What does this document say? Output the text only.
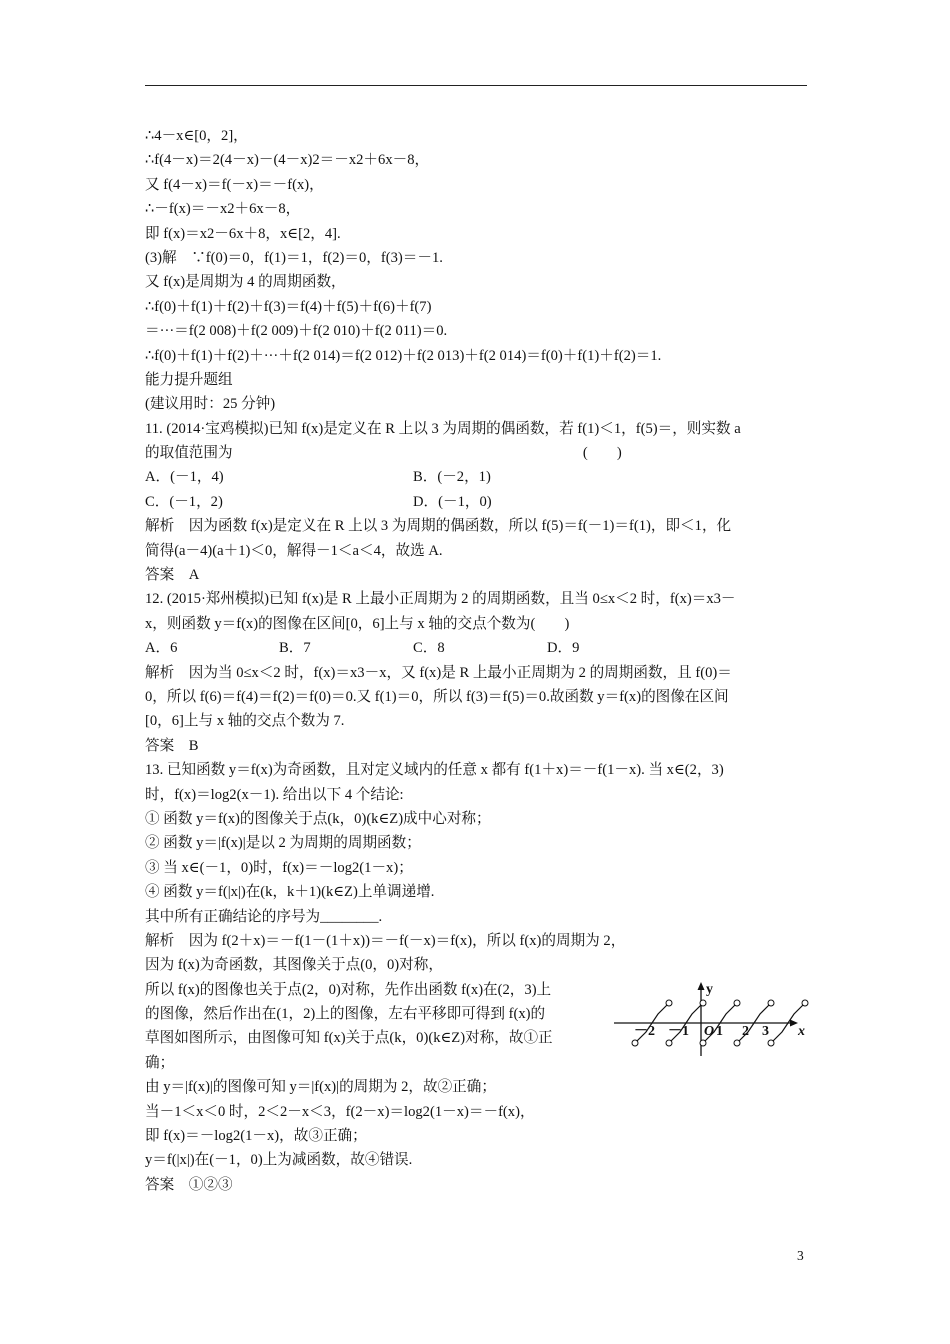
∴4－x∈[0，2]，
∴f(4－x)＝2(4－x)－(4－x)2＝－x2＋6x－8，
又 f(4－x)＝f(－x)＝－f(x)，
∴－f(x)＝－x2＋6x－8，
即 f(x)＝x2－6x＋8，x∈[2，4].
(3)解　∵f(0)＝0，f(1)＝1，f(2)＝0，f(3)＝－1.
又 f(x)是周期为 4 的周期函数，
∴f(0)＋f(1)＋f(2)＋f(3)＝f(4)＋f(5)＋f(6)＋f(7)
＝···＝f(2 008)＋f(2 009)＋f(2 010)＋f(2 011)＝0.
∴f(0)＋f(1)＋f(2)＋···＋f(2 014)＝f(2 012)＋f(2 013)＋f(2 014)＝f(0)＋f(1)＋f(2)＝1.
能力提升题组
(建议用时：25 分钟)
11. (2014·宝鸡模拟)已知 f(x)是定义在 R 上以 3 为周期的偶函数，若 f(1)＜1，f(5)＝，则实数 a
的取值范围为　　　　　　　　　　　　　　　　　　　　　　　　(　　)
A．(－1，4)	B．(－2，1)
C．(－1，2)	D．(－1，0)
解析　因为函数 f(x)是定义在 R 上以 3 为周期的偶函数，所以 f(5)＝f(－1)＝f(1)，即＜1，化
简得(a－4)(a＋1)＜0，解得－1＜a＜4，故选 A.
答案　A
12. (2015·郑州模拟)已知 f(x)是 R 上最小正周期为 2 的周期函数，且当 0≤x＜2 时，f(x)＝x3－
x，则函数 y＝f(x)的图像在区间[0，6]上与 x 轴的交点个数为(　　)
A．6	B．7	C．8	D．9
解析　因为当 0≤x＜2 时，f(x)＝x3－x，又 f(x)是 R 上最小正周期为 2 的周期函数，且 f(0)＝
0，所以 f(6)＝f(4)＝f(2)＝f(0)＝0.又 f(1)＝0，所以 f(3)＝f(5)＝0.故函数 y＝f(x)的图像在区间
[0，6]上与 x 轴的交点个数为 7.
答案　B
13. 已知函数 y＝f(x)为奇函数，且对定义域内的任意 x 都有 f(1＋x)＝－f(1－x). 当 x∈(2，3)
时，f(x)＝log2(x－1). 给出以下 4 个结论:
① 函数 y＝f(x)的图像关于点(k，0)(k∈Z)成中心对称；
② 函数 y＝|f(x)|是以 2 为周期的周期函数；
③ 当 x∈(－1，0)时，f(x)＝－log2(1－x)；
④ 函数 y＝f(|x|)在(k，k＋1)(k∈Z)上单调递增.
其中所有正确结论的序号为________.
解析　因为 f(2＋x)＝－f(1－(1＋x))＝－f(－x)＝f(x)，所以 f(x)的周期为 2，
因为 f(x)为奇函数，其图像关于点(0，0)对称，
所以 f(x)的图像也关于点(2，0)对称，先作出函数 f(x)在(2，3)上
的图像，然后作出在(1，2)上的图像，左右平移即可得到 f(x)的
草图如图所示，由图像可知 f(x)关于点(k，0)(k∈Z)对称，故①正
确；
由 y＝|f(x)|的图像可知 y＝|f(x)|的周期为 2，故②正确；
当－1＜x＜0 时，2＜2－x＜3，f(2－x)＝log2(1－x)＝－f(x)，
即 f(x)＝－log2(1－x)，故③正确；
y＝f(|x|)在(－1，0)上为减函数，故④错误.
答案　①②③
y
x
O
－2 －1 1 2 3
3
